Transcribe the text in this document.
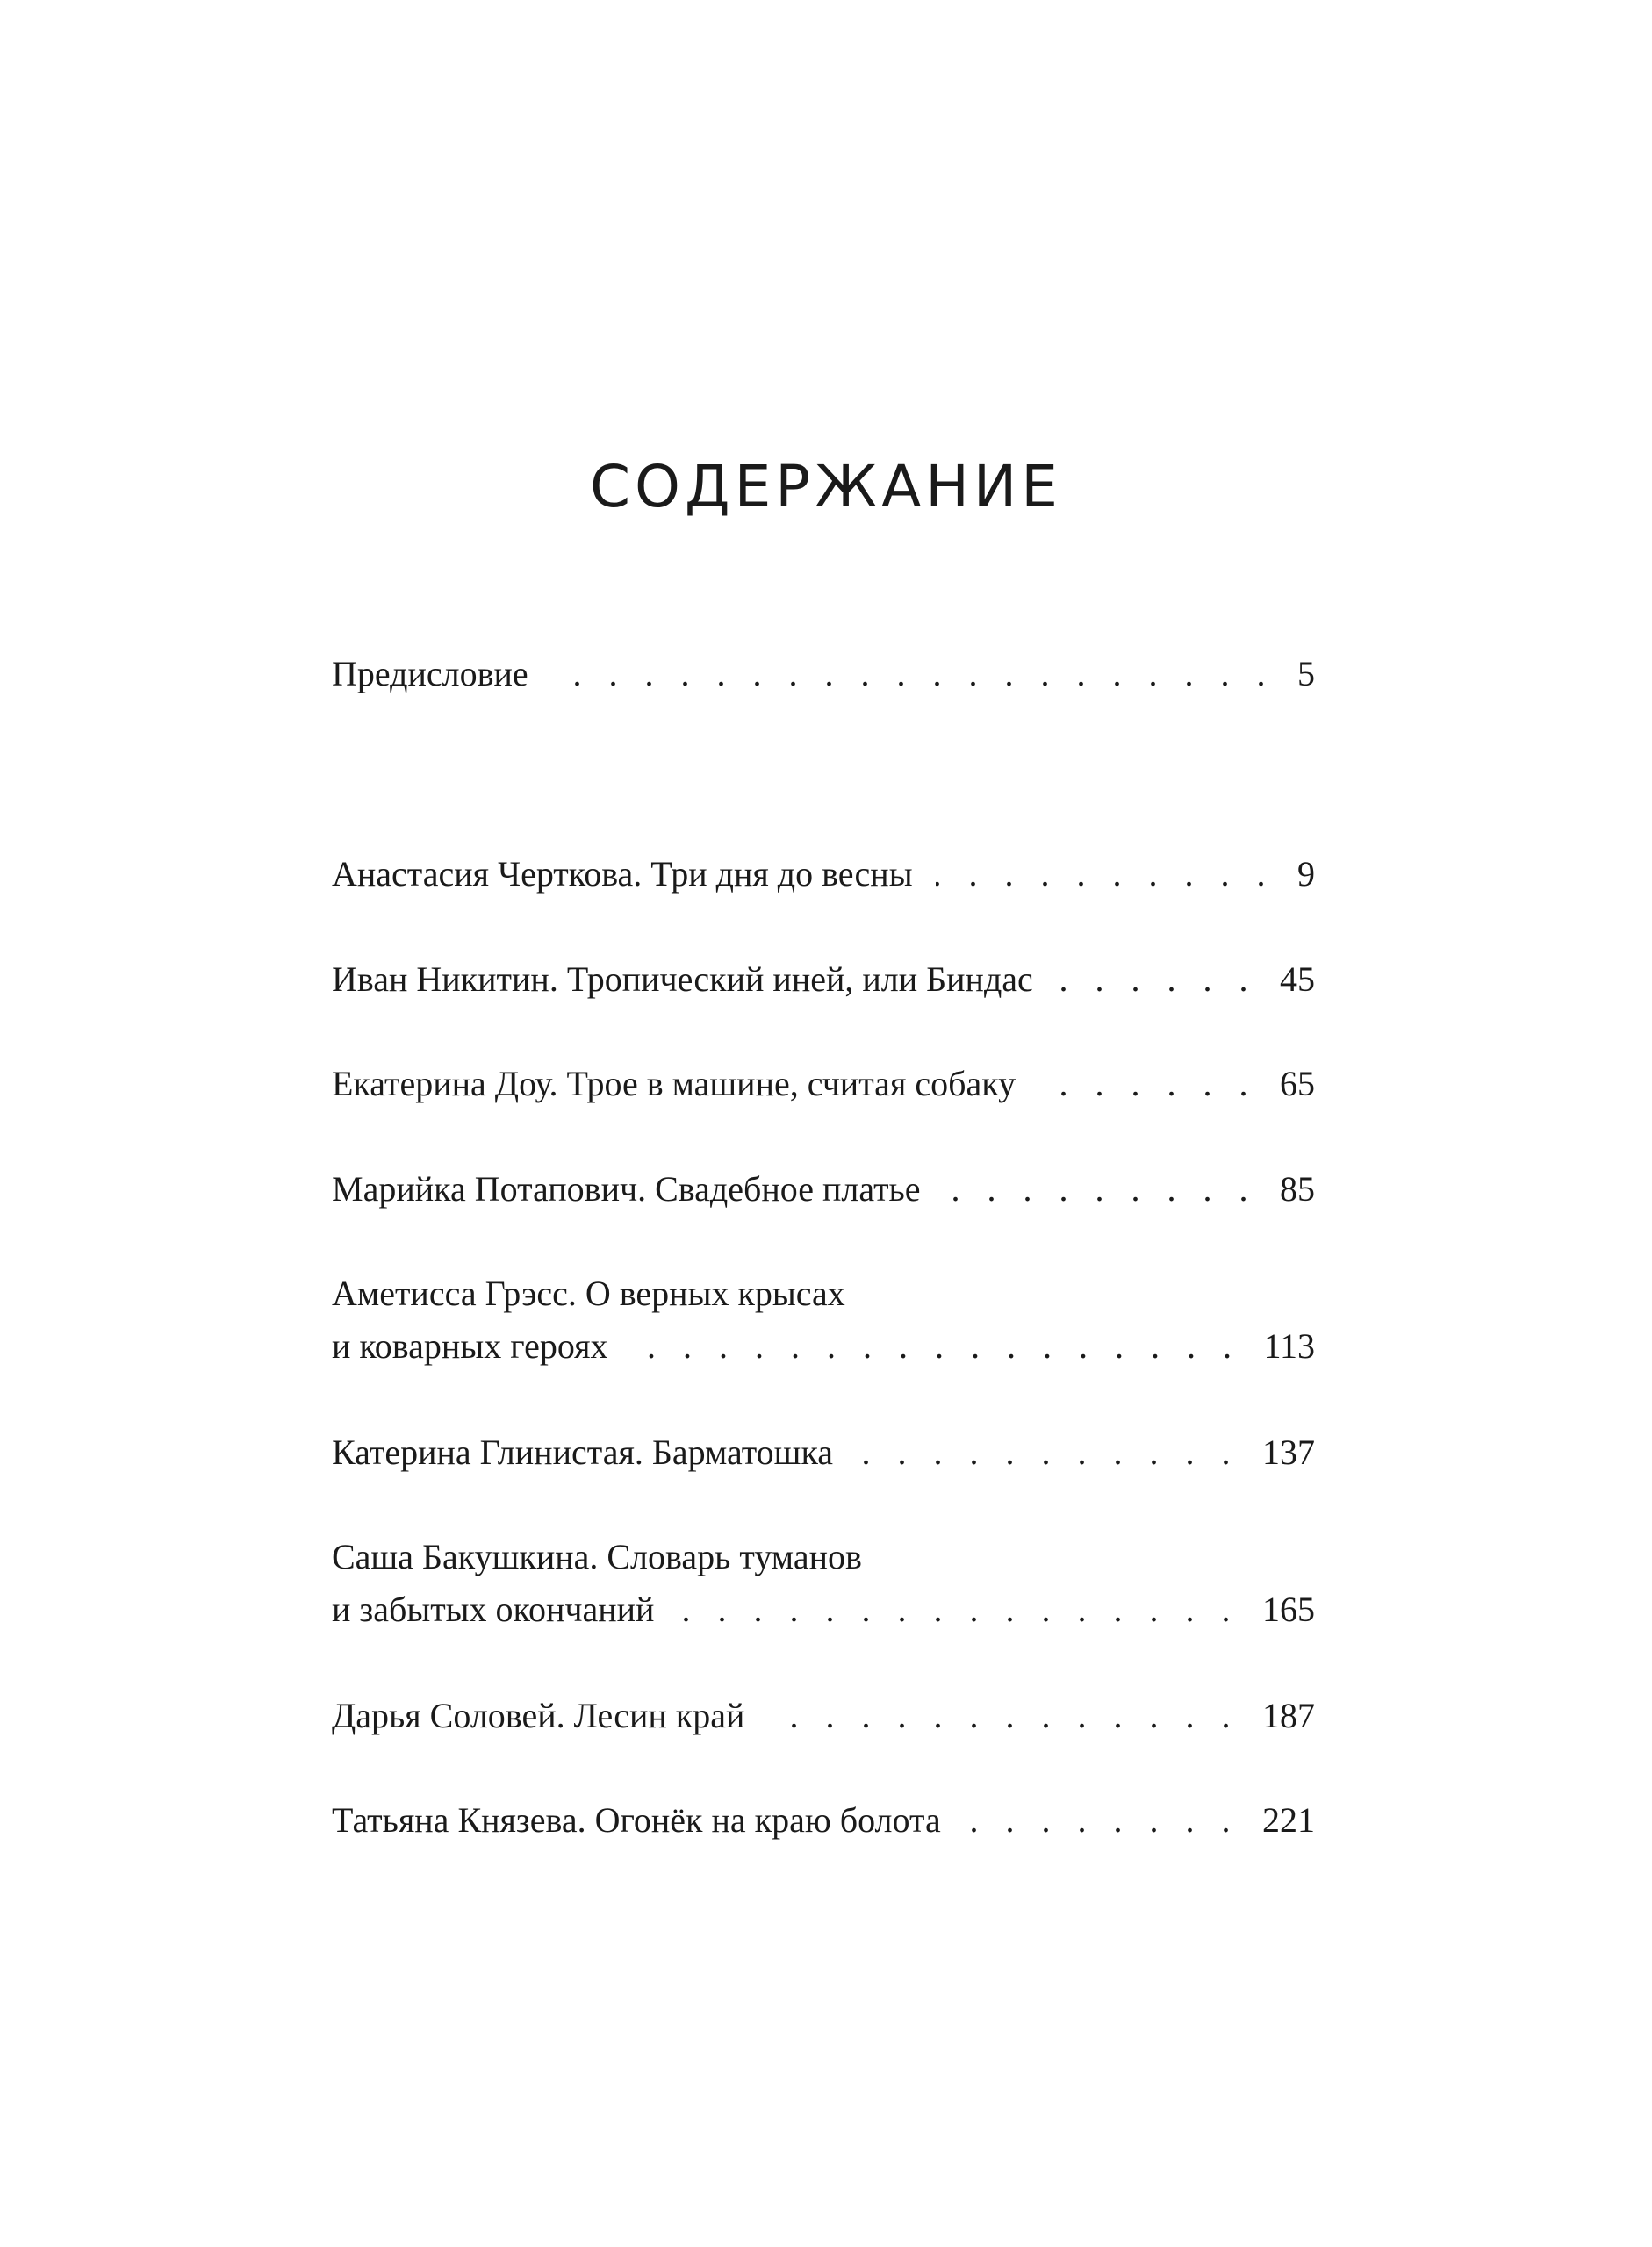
СОДЕРЖАНИЕ
Предисловие . . .	5
Анастасия Черткова. Три дня до весны . . .	9
Иван Никитин. Тропический иней, или Биндас . . .	45
Екатерина Доу. Трое в машине, считая собаку . . .	65
Марийка Потапович. Свадебное платье . . .	85
Аметисса Грэсс. О верных крысах
и коварных героях . . .	113
Катерина Глинистая. Барматошка . . .	137
Саша Бакушкина. Словарь туманов
и забытых окончаний . . .	165
Дарья Соловей. Лесин край . . .	187
Татьяна Князева. Огонёк на краю болота . . .	221
